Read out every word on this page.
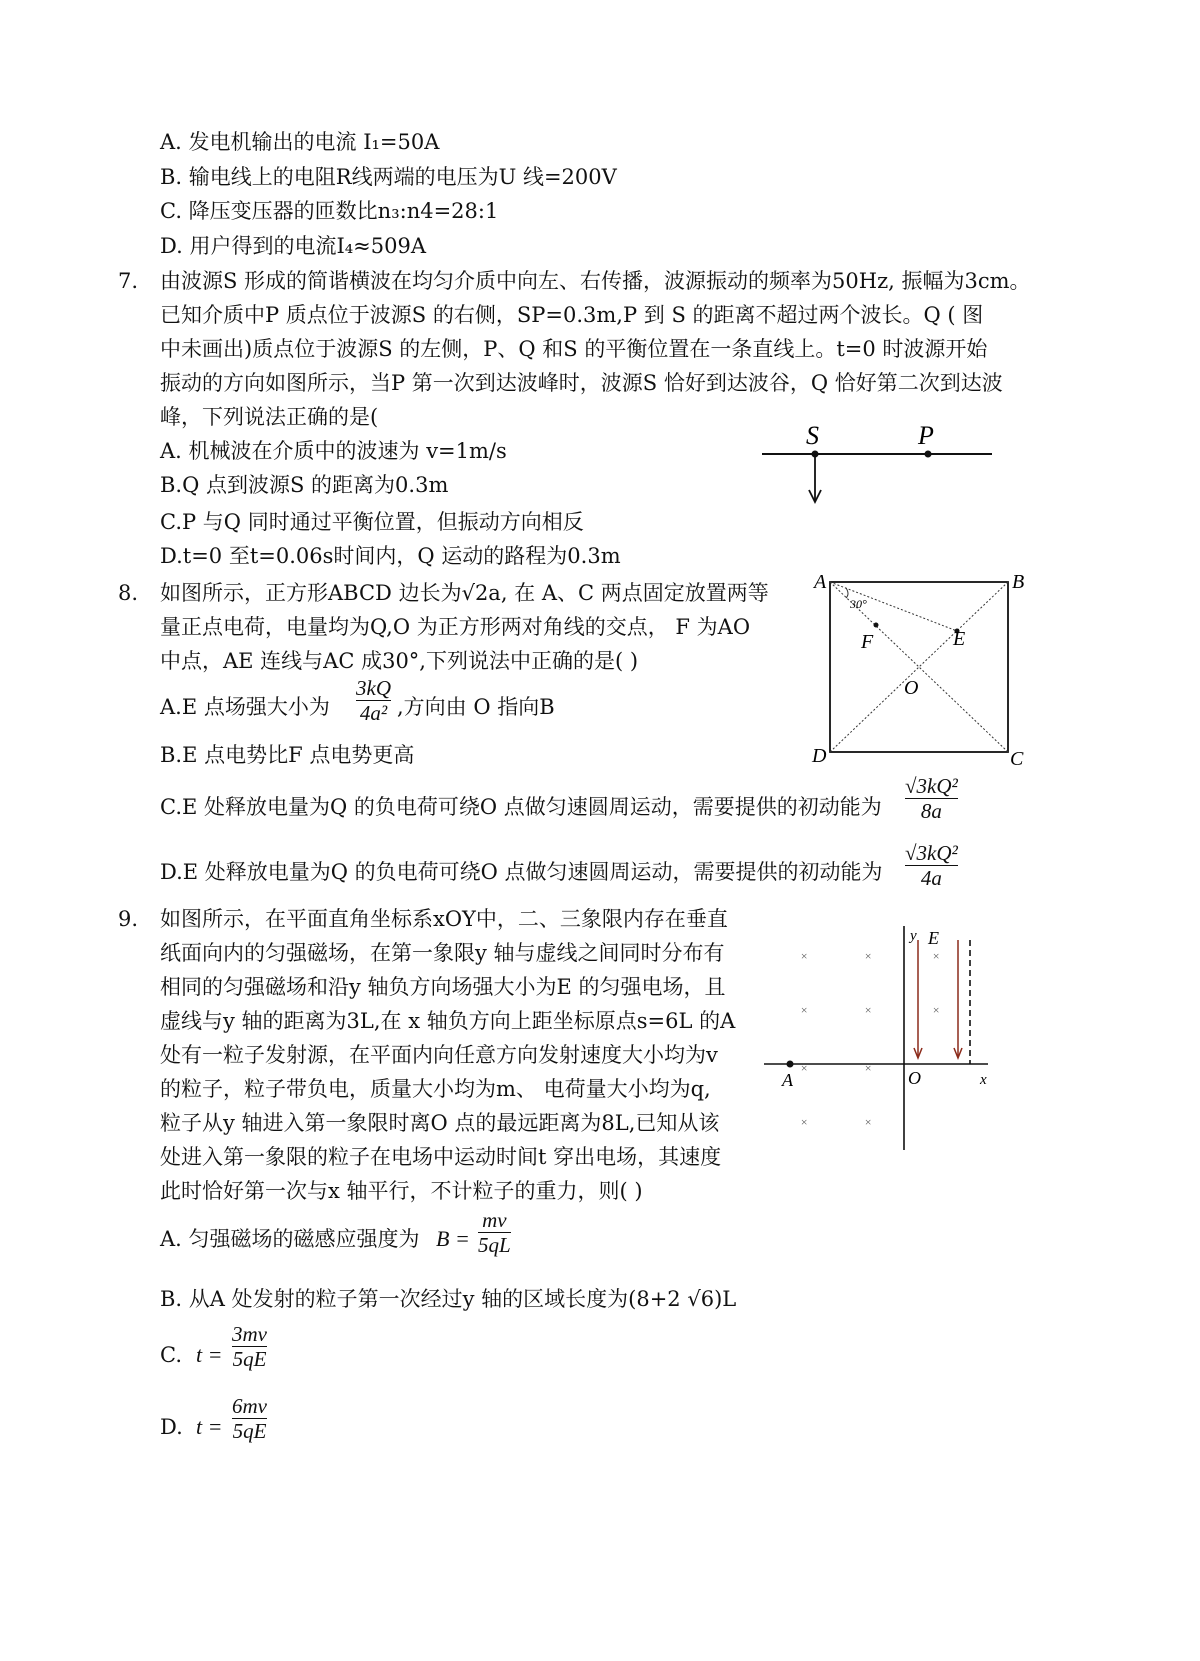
A. 发电机输出的电流 I₁=50A
B. 输电线上的电阻R线两端的电压为U 线=200V
C. 降压变压器的匝数比n₃:n4=28:1
D. 用户得到的电流I₄≈509A
7. 由波源S 形成的简谐横波在均匀介质中向左、右传播，波源振动的频率为50Hz, 振幅为3cm。
已知介质中P 质点位于波源S 的右侧，SP=0.3m,P 到 S 的距离不超过两个波长。Q ( 图
中未画出)质点位于波源S 的左侧，P、Q 和S 的平衡位置在一条直线上。t=0 时波源开始
振动的方向如图所示，当P 第一次到达波峰时，波源S 恰好到达波谷，Q 恰好第二次到达波
峰，下列说法正确的是(
A. 机械波在介质中的波速为 v=1m/s
B.Q 点到波源S 的距离为0.3m
C.P 与Q 同时通过平衡位置，但振动方向相反
D.t=0 至t=0.06s时间内，Q 运动的路程为0.3m
S	P
8. 如图所示，正方形ABCD 边长为√2a, 在 A、C 两点固定放置两等
量正点电荷，电量均为Q,O 为正方形两对角线的交点， F 为AO
中点，AE 连线与AC 成30°,下列说法中正确的是( )
A.E 点场强大小为
3kQ
4a² ,方向由 O 指向B
B.E 点电势比F 点电势更高
C.E 处释放电量为Q 的负电荷可绕O 点做匀速圆周运动，需要提供的初动能为
√3kQ²
8a
D.E 处释放电量为Q 的负电荷可绕O 点做匀速圆周运动，需要提供的初动能为
√3kQ²
4a
A	B
C
D
E
F
O
30°
9. 如图所示，在平面直角坐标系xOY中，二、三象限内存在垂直
纸面向内的匀强磁场，在第一象限y 轴与虚线之间同时分布有
相同的匀强磁场和沿y 轴负方向场强大小为E 的匀强电场，且
虚线与y 轴的距离为3L,在 x 轴负方向上距坐标原点s=6L 的A
处有一粒子发射源，在平面内向任意方向发射速度大小均为v
的粒子，粒子带负电，质量大小均为m、 电荷量大小均为q,
粒子从y 轴进入第一象限时离O 点的最远距离为8L,已知从该
处进入第一象限的粒子在电场中运动时间t 穿出电场，其速度
此时恰好第一次与x 轴平行，不计粒子的重力，则( )
A. 匀强磁场的磁感应强度为 B =
mv
5qL
B. 从A 处发射的粒子第一次经过y 轴的区域长度为(8+2 √6)L
C. t =
3mv
5qE
D. t =
6mv
5qE
×	×	×
×	×	×
×	×
×	×
y E
A	O	x
